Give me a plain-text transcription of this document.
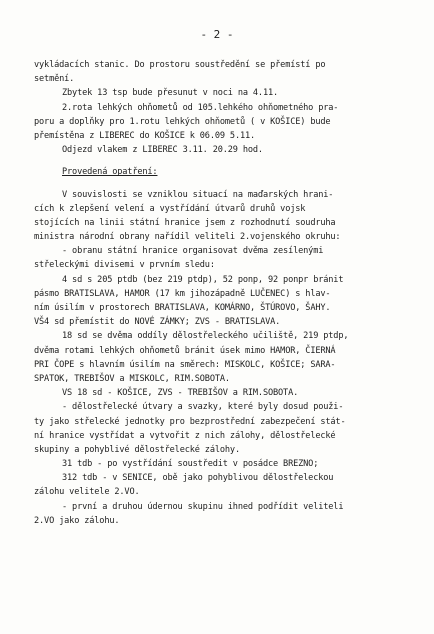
- 2 -
vykládacích stanic. Do prostoru soustředění se přemístí po
setmění.
Zbytek 13 tsp bude přesunut v noci na 4.11.
2.rota lehkých ohňometů od 105.lehkého ohňometného pra-
poru a doplňky pro 1.rotu lehkých ohňometů ( v KOŠICE) bude
přemístěna z LIBEREC do KOŠICE k 06.09 5.11.
Odjezd vlakem z LIBEREC 3.11. 20.29 hod.
Provedená opatření:
V souvislosti se vzniklou situací na maďarských hrani-
cích k zlepšení velení a vystřídání útvarů druhů vojsk
stojících na linii státní hranice jsem z rozhodnutí soudruha
ministra národní obrany nařídil veliteli 2.vojenského okruhu:
- obranu státní hranice organisovat dvěma zesílenými
střeleckými divisemi v prvním sledu:
4 sd s 205 ptdb (bez 219 ptdp), 52 ponp, 92 ponpr bránit
pásmo BRATISLAVA, HAMOR (17 km jihozápadně LUČENEC) s hlav-
ním úsilím v prostorech BRATISLAVA, KOMÁRNO, ŠTÚROVO, ŠAHY.
VŠ4 sd přemístit do NOVÉ ZÁMKY; ZVS - BRATISLAVA.
18 sd se dvěma oddíly dělostřeleckého učiliště, 219 ptdp,
dvěma rotami lehkých ohňometů bránit úsek mimo HAMOR, ČIERNÁ
PRI ČOPE s hlavním úsilím na směrech: MISKOLC, KOŠICE; SARA-
SPATOK, TREBIŠOV a MISKOLC, RIM.SOBOTA.
VS 18 sd - KOŠICE, ZVS - TREBIŠOV a RIM.SOBOTA.
- dělostřelecké útvary a svazky, které byly dosud použi-
ty jako střelecké jednotky pro bezprostřední zabezpečení stát-
ní hranice vystřídat a vytvořit z nich zálohy, dělostřelecké
skupiny a pohyblivé dělostřelecké zálohy.
31 tdb - po vystřídání soustředit v posádce BREZNO;
312 tdb - v SENICE, obě jako pohyblivou dělostřeleckou
zálohu velitele 2.VO.
- první a druhou údernou skupinu ihned podřídit veliteli
2.VO jako zálohu.
